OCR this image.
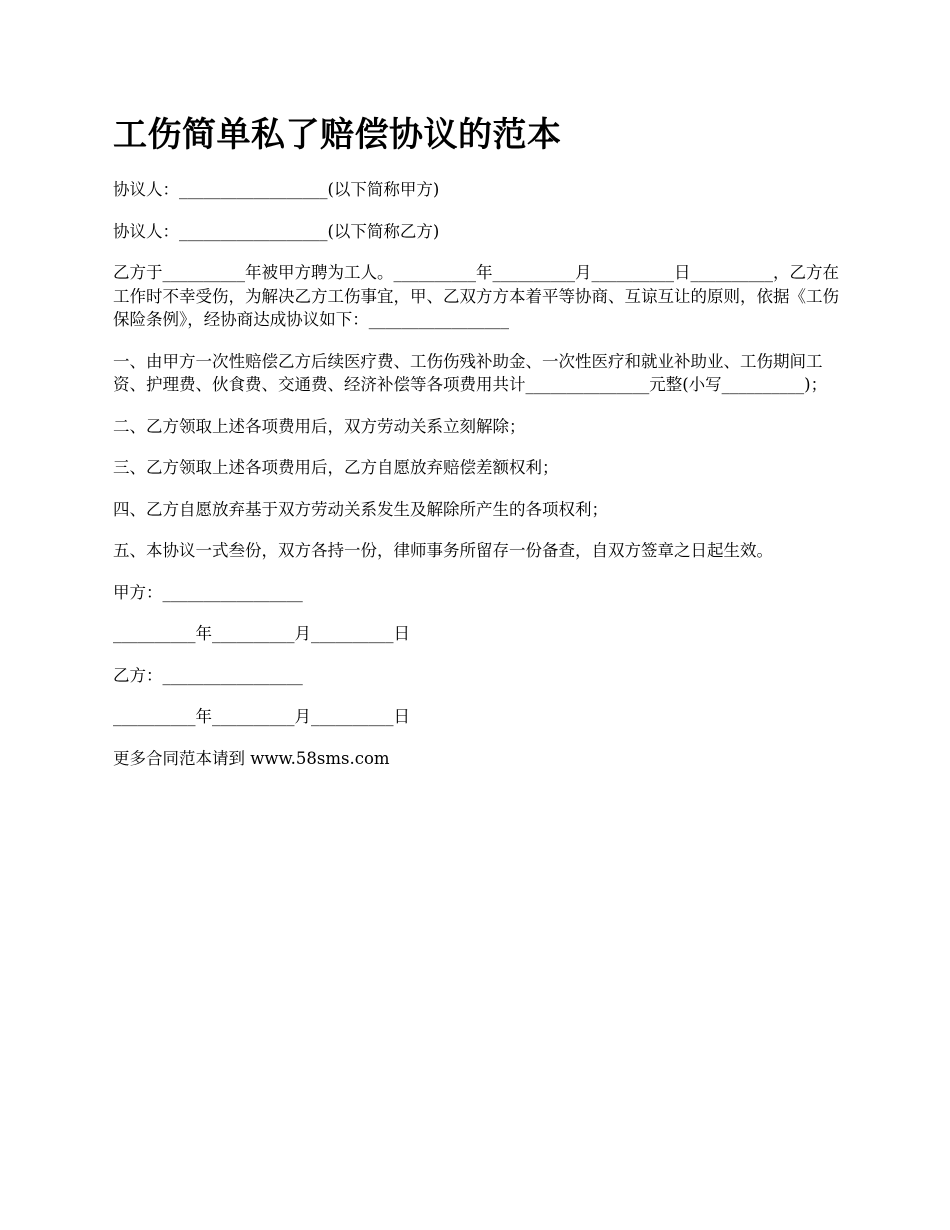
工伤简单私了赔偿协议的范本

协议人：__________________(以下简称甲方)

协议人：__________________(以下简称乙方)

乙方于__________年被甲方聘为工人。__________年__________月__________日__________，乙方在工作时不幸受伤，为解决乙方工伤事宜，甲、乙双方方本着平等协商、互谅互让的原则，依据《工伤保险条例》，经协商达成协议如下：_________________

一、由甲方一次性赔偿乙方后续医疗费、工伤伤残补助金、一次性医疗和就业补助业、工伤期间工资、护理费、伙食费、交通费、经济补偿等各项费用共计_______________元整(小写__________)；

二、乙方领取上述各项费用后，双方劳动关系立刻解除；

三、乙方领取上述各项费用后，乙方自愿放弃赔偿差额权利；

四、乙方自愿放弃基于双方劳动关系发生及解除所产生的各项权利；

五、本协议一式叁份，双方各持一份，律师事务所留存一份备查，自双方签章之日起生效。

甲方：_________________

__________年__________月__________日

乙方：_________________

__________年__________月__________日

更多合同范本请到 www.58sms.com
